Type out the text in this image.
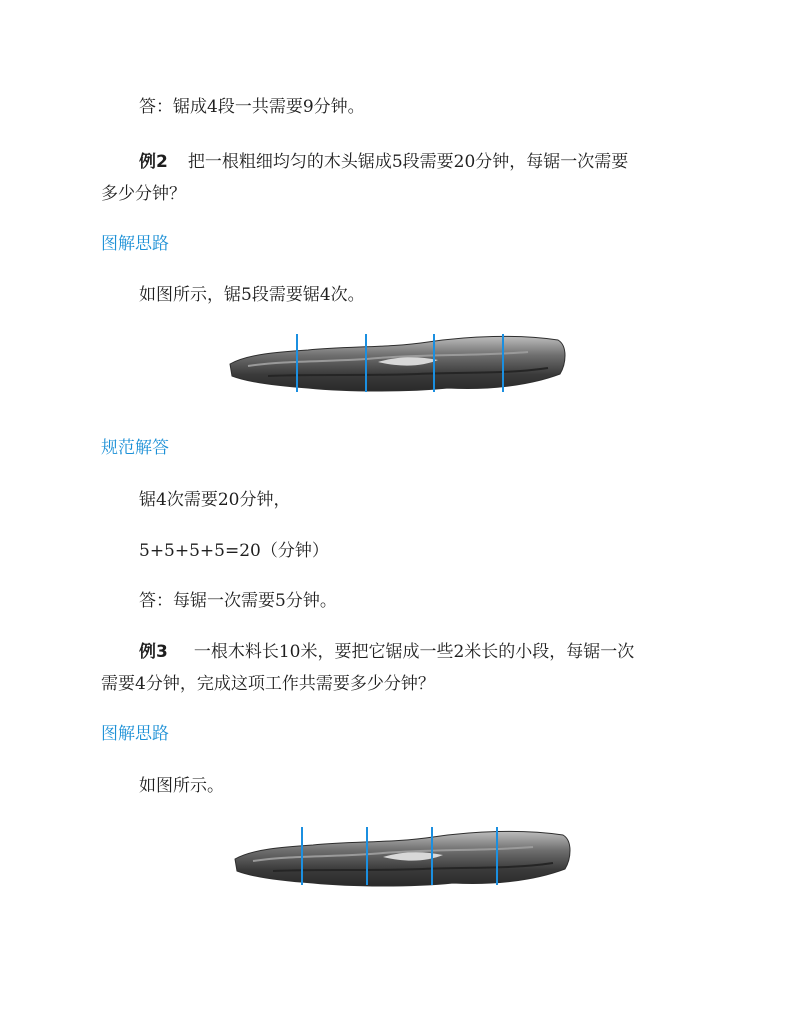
答：锯成4段一共需要9分钟。
例2 把一根粗细均匀的木头锯成5段需要20分钟，每锯一次需要
多少分钟？
图解思路
如图所示，锯5段需要锯4次。
规范解答
锯4次需要20分钟，
5+5+5+5=20（分钟）
答：每锯一次需要5分钟。
例3 一根木料长10米，要把它锯成一些2米长的小段，每锯一次
需要4分钟，完成这项工作共需要多少分钟？
图解思路
如图所示。
